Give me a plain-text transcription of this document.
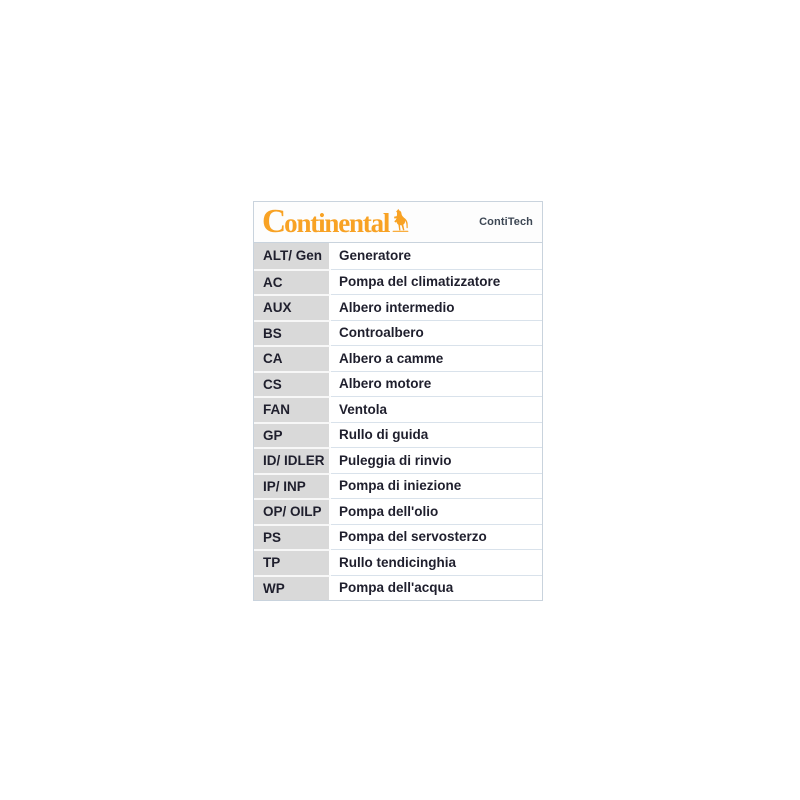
Continental	ContiTech
ALT/ Gen	Generatore
AC	Pompa del climatizzatore
AUX	Albero intermedio
BS	Controalbero
CA	Albero a camme
CS	Albero motore
FAN	Ventola
GP	Rullo di guida
ID/ IDLER	Puleggia di rinvio
IP/ INP	Pompa di iniezione
OP/ OILP	Pompa dell'olio
PS	Pompa del servosterzo
TP	Rullo tendicinghia
WP	Pompa dell'acqua
